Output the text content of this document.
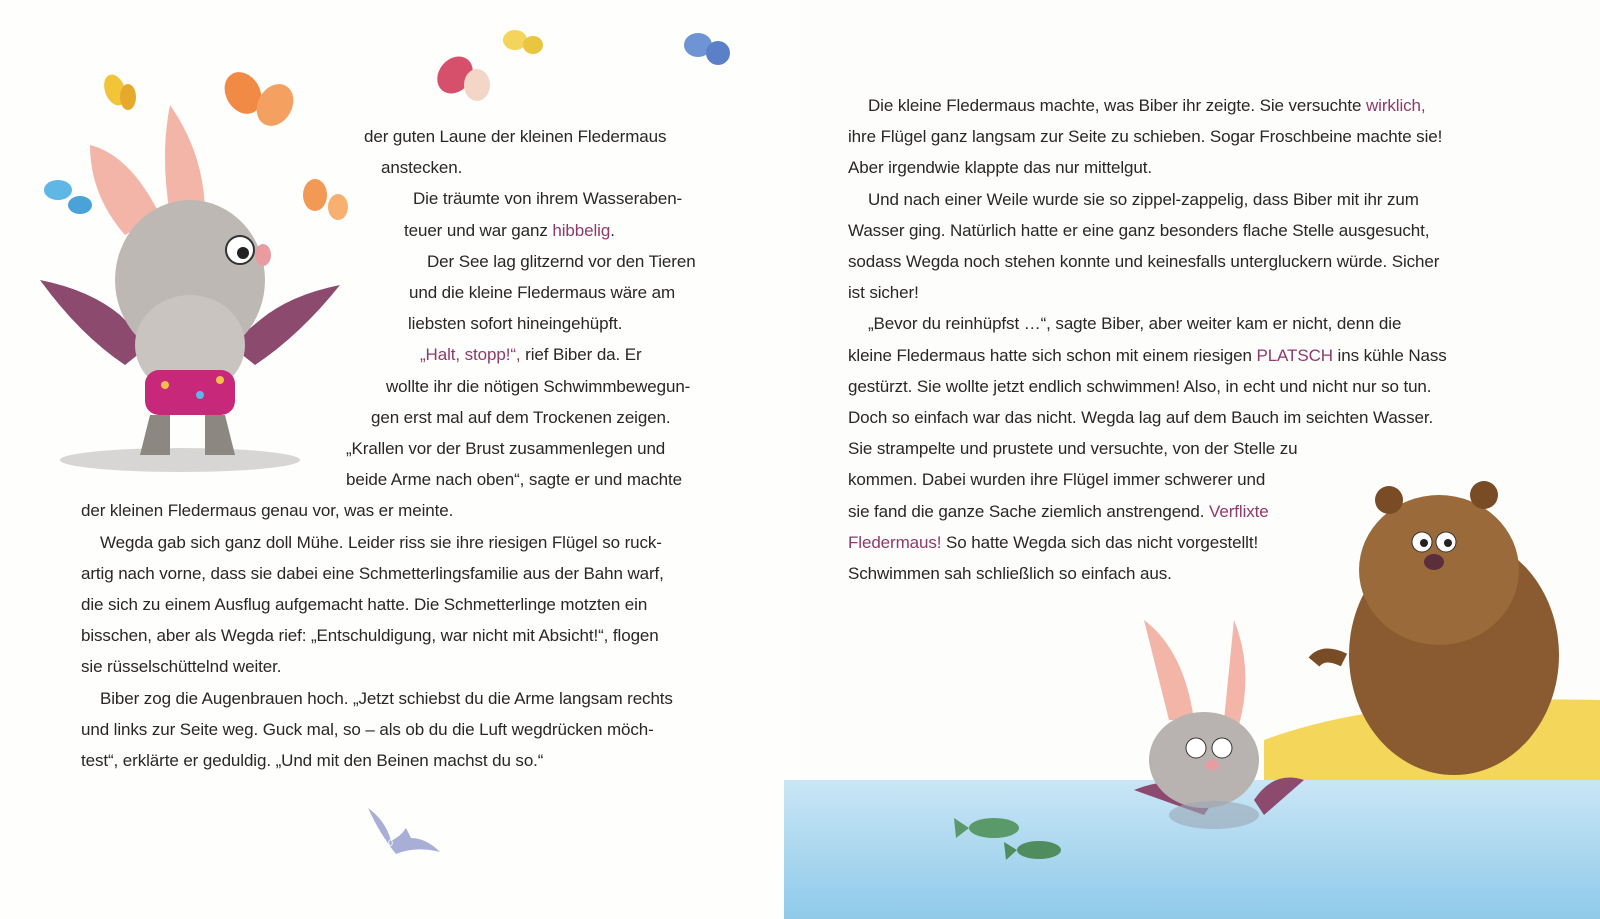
10
der guten Laune der kleinen Fledermaus
anstecken.
Die träumte von ihrem Wasseraben-
teuer und war ganz hibbelig.
Der See lag glitzernd vor den Tieren
und die kleine Fledermaus wäre am
liebsten sofort hineingehüpft.
„Halt, stopp!“, rief Biber da. Er
wollte ihr die nötigen Schwimmbewegun-
gen erst mal auf dem Trockenen zeigen.
„Krallen vor der Brust zusammenlegen und
beide Arme nach oben“, sagte er und machte
der kleinen Fledermaus genau vor, was er meinte.
Wegda gab sich ganz doll Mühe. Leider riss sie ihre riesigen Flügel so ruck-
artig nach vorne, dass sie dabei eine Schmetterlingsfamilie aus der Bahn warf,
die sich zu einem Ausflug aufgemacht hatte. Die Schmetterlinge motzten ein
bisschen, aber als Wegda rief: „Entschuldigung, war nicht mit Absicht!“, flogen
sie rüsselschüttelnd weiter.
Biber zog die Augenbrauen hoch. „Jetzt schiebst du die Arme langsam rechts
und links zur Seite weg. Guck mal, so – als ob du die Luft wegdrücken möch-
test“, erklärte er geduldig. „Und mit den Beinen machst du so.“
Die kleine Fledermaus machte, was Biber ihr zeigte. Sie versuchte wirklich,
ihre Flügel ganz langsam zur Seite zu schieben. Sogar Froschbeine machte sie!
Aber irgendwie klappte das nur mittelgut.
Und nach einer Weile wurde sie so zippel-zappelig, dass Biber mit ihr zum
Wasser ging. Natürlich hatte er eine ganz besonders flache Stelle ausgesucht,
sodass Wegda noch stehen konnte und keinesfalls untergluckern würde. Sicher
ist sicher!
„Bevor du reinhüpfst …“, sagte Biber, aber weiter kam er nicht, denn die
kleine Fledermaus hatte sich schon mit einem riesigen PLATSCH ins kühle Nass
gestürzt. Sie wollte jetzt endlich schwimmen! Also, in echt und nicht nur so tun.
Doch so einfach war das nicht. Wegda lag auf dem Bauch im seichten Wasser.
Sie strampelte und prustete und versuchte, von der Stelle zu
kommen. Dabei wurden ihre Flügel immer schwerer und
sie fand die ganze Sache ziemlich anstrengend. Verflixte
Fledermaus! So hatte Wegda sich das nicht vorgestellt!
Schwimmen sah schließlich so einfach aus.
